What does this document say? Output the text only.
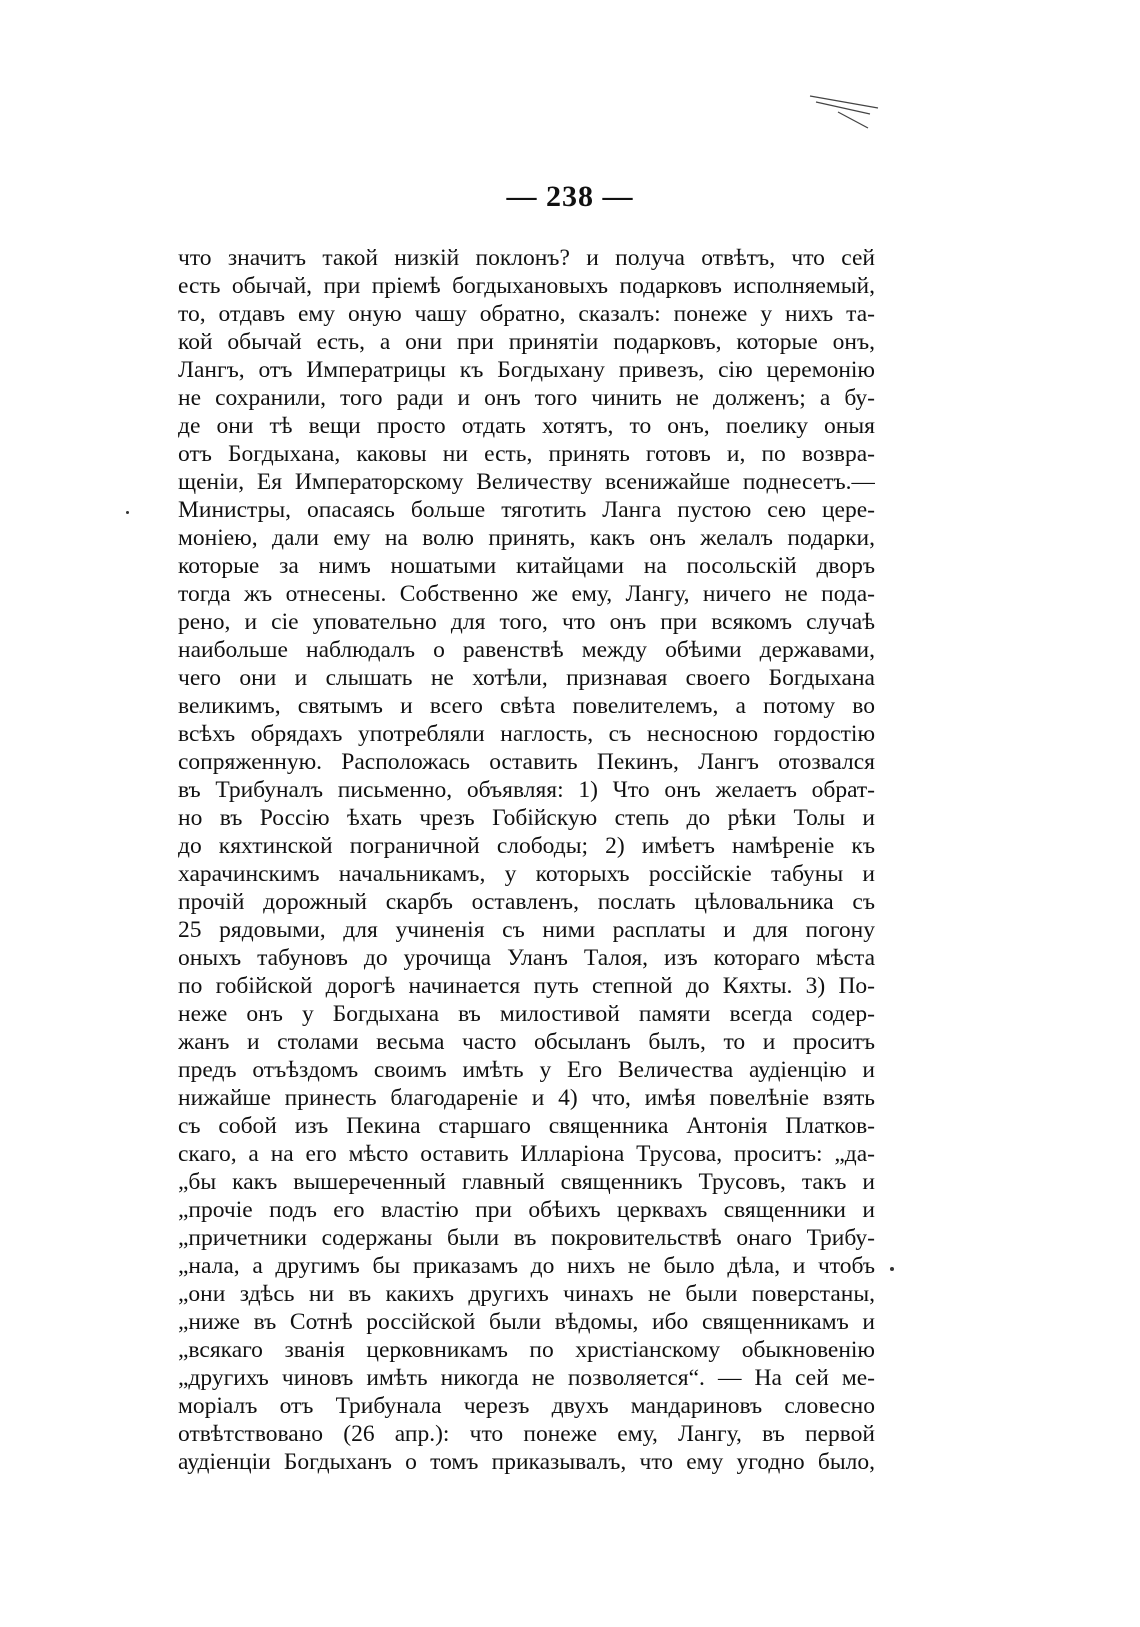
— 238 —
что значитъ такой низкій поклонъ? и получа отвѣтъ, что сей
есть обычай, при пріемѣ богдыхановыхъ подарковъ исполняемый,
то, отдавъ ему оную чашу обратно, сказалъ: понеже у нихъ та-
кой обычай есть, а они при принятіи подарковъ, которые онъ,
Лангъ, отъ Императрицы къ Богдыхану привезъ, сію церемонію
не сохранили, того ради и онъ того чинить не долженъ; а бу-
де они тѣ вещи просто отдать хотятъ, то онъ, поелику оныя
отъ Богдыхана, каковы ни есть, принять готовъ и, по возвра-
щеніи, Ея Императорскому Величеству всенижайше поднесетъ.—
Министры, опасаясь больше тяготить Ланга пустою сею цере-
моніею, дали ему на волю принять, какъ онъ желалъ подарки,
которые за нимъ ношатыми китайцами на посольскій дворъ
тогда жъ отнесены. Собственно же ему, Лангу, ничего не пода-
рено, и сіе уповательно для того, что онъ при всякомъ случаѣ
наибольше наблюдалъ о равенствѣ между обѣими державами,
чего они и слышать не хотѣли, признавая своего Богдыхана
великимъ, святымъ и всего свѣта повелителемъ, а потому во
всѣхъ обрядахъ употребляли наглость, съ несносною гордостію
сопряженную. Расположась оставить Пекинъ, Лангъ отозвался
въ Трибуналъ письменно, объявляя: 1) Что онъ желаетъ обрат-
но въ Россію ѣхать чрезъ Гобійскую степь до рѣки Толы и
до кяхтинской пограничной слободы; 2) имѣетъ намѣреніе къ
харачинскимъ начальникамъ, у которыхъ россійскіе табуны и
прочій дорожный скарбъ оставленъ, послать цѣловальника съ
25 рядовыми, для учиненія съ ними расплаты и для погону
оныхъ табуновъ до урочища Уланъ Талоя, изъ котораго мѣста
по гобійской дорогѣ начинается путь степной до Кяхты. 3) По-
неже онъ у Богдыхана въ милостивой памяти всегда содер-
жанъ и столами весьма часто обсыланъ былъ, то и проситъ
предъ отъѣздомъ своимъ имѣть у Его Величества аудіенцію и
нижайше принесть благодареніе и 4) что, имѣя повелѣніе взять
съ собой изъ Пекина старшаго священника Антонія Платков-
скаго, а на его мѣсто оставить Илларіона Трусова, проситъ: „да-
„бы какъ вышереченный главный священникъ Трусовъ, такъ и
„прочіе подъ его властію при обѣихъ церквахъ священники и
„причетники содержаны были въ покровительствѣ онаго Трибу-
„нала, а другимъ бы приказамъ до нихъ не было дѣла, и чтобъ
„они здѣсь ни въ какихъ другихъ чинахъ не были поверстаны,
„ниже въ Сотнѣ россійской были вѣдомы, ибо священникамъ и
„всякаго званія церковникамъ по христіанскому обыкновенію
„другихъ чиновъ имѣть никогда не позволяется“. — На сей ме-
моріалъ отъ Трибунала черезъ двухъ мандариновъ словесно
отвѣтствовано (26 апр.): что понеже ему, Лангу, въ первой
аудіенціи Богдыханъ о томъ приказывалъ, что ему угодно было,
